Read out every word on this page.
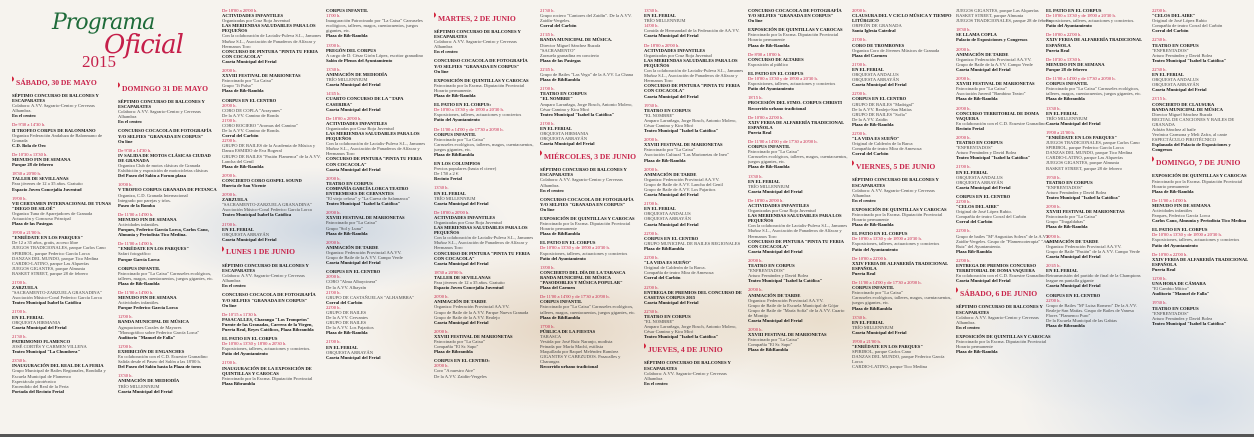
Programa
Oficial
2015
SÁBADO, 30 DE MAYO
SÉPTIMO CONCURSO DE BALCONES Y ESCAPARATES
Colabora: A.VV. Sagrario-Centro y Cervezas Alhambra.
En el centro
De 9'30 a 14'30 h.
II TROFEO CORPUS DE BALONMANO
Organiza Federación Andaluza de Balonmano de Granada
C.D. Bola de Oro
De 10'30 a 13'30 h.
MENUDO FIN DE SEMANA
Parque 28 de febrero
18'30 a 20'00 h.
TALLER DE SEVILLANAS
Para jóvenes de 12 a 35 años. Gratuito
Espacio Joven Concejalía Juventud
19'00 h.
VII CERTAMEN INTERNACIONAL DE TUNAS "DIEGO DE SILOÉ"
Organiza Tuna de Aparejadores de Granada
Actuación y Concurso Principal
Plaza de las Pasiegas
19'00 a 21'00 h.
"ENRÉDATE EN LOS PARQUES"
De 12 a 35 años, gratis, acceso libre
JUEGOS TRADICIONALES, parque Carlos Cano
SPIRIBOL, parque Federico García Lorca
DANZAS DEL MUNDO, parque Tico Medina
CARDIO-LATINO, parque Las Alquerías
JUEGOS GIGANTES, parque Almunia
BASKET STREET, parque 28 de febrero
21'00 h.
ZARZUELA
"SACRAMENTO-ZARZUELA GRANADINA"
Asociación Músico-Coral Federico García Lorca
Teatro Municipal Isabel la Católica
21'00 h.
EN EL FERIAL
ORQUESTA HIRMANIA
Caseta Municipal del Ferial
21'30 h.
PATRIMONIO FLAMENCO
JOSÉ CORTÉS Y CARMEN VILLENA
Teatro Municipal "La Chumbera"
23'30 h.
INAUGURACIÓN DEL REAL DE LA FERIA
Grupo Municipal de Bailes Regionales, Rondalla y Escuela Municipal de Flamenco
Espectáculo pirotécnico
Encendido del Real de la Feria
Portada del Recinto Ferial
DOMINGO 31 DE MAYO
SÉPTIMO CONCURSO DE BALCONES Y ESCAPARATES
Colabora: A.VV. Sagrario-Centro y Cervezas Alhambra
En el centro
CONCURSO COCACOLA DE FOTOGRAFÍA Y/O SELFIES "GRANADA EN CORPUS"
On line
De 9'30 a 14'30 h.
IV SALIDA DE MOTOS CLÁSICAS CIUDAD DE GRANADA
Organiza Club de motos clásicas de Granada
Exhibición y exposición de motocicletas clásicas
Del Paseo del Salón a Forum plaza
10'00 h.
V TROFEO CORPUS GRANADA DE PETANCA
Organiza, C.D. Granada Internacional
Integrado por parejas y tríos.
Paseo de la Bomba
De 11'00 a 14'00 h.
MENUDO FIN DE SEMANA
Actividades infantiles.
Parques, Federico García Lorca, Carlos Cano, Almunia y Periodista Tico Medina.
De 11'00 a 14'00 h.
"ENRÉDATE EN LOS PARQUES"
Safari fotográfico
Parque García Lorca
CORPUS INFANTIL
Patrocinado por "La Caixa" Carruseles ecológicos, talleres, magos, cuentacuentos, juegos gigantes, etc.
Plaza de Bib-Rambla
De 11'00 a 14'00 h.
MENUDO FIN DE SEMANA
Actividades infantiles.
Parque Federico García Lorca
12'00 h.
BANDA MUNICIPAL DE MÚSICA
Agrupaciones Corales de Mayores
"Monográfico sobre Federico García Lorca"
Auditorio "Manuel de Falla"
12'00 h.
EXHIBICIÓN DE ENGANCHES
En colaboración con el C.D. Ecuestre Granadino
Salida desde el Paseo del Salón a las 18'00 h.
Del Paseo del Salón hasta la Plaza de toros
13'30 h.
ANIMACIÓN DE MEDIODÍA
TRÍO MILLENNIUM
Caseta Municipal del Ferial
De 18'00 a 20'00 h.
ACTIVIDADES INFANTILES
Organizadas por Cruz Roja Juventud
LAS MERIENDAS SALUDABLES PARA LOS PEQUEÑOS
Con la colaboración de Lactalis-Puleva S.L., Jamones Muñoz S.L., Asociación de Panaderos de Alfacar y Hermanos Toro
CONCURSO DE PINTURA "PINTA TU FERIA CON COCACOLA"
Caseta Municipal del Ferial
20'00 h.
XXVIII FESTIVAL DE MARIONETAS
Patrocinado por "La Caixa"
Grupo "Ji Pulso"
Plaza de Bib-Rambla
CORPUS EN EL CENTRO
20'00 h.
CORO DE COPLA "Arrayanes"
De la A.VV. Camino de Ronda
21'00 h.
CORO ROCIERO "Aromas del Camino"
De la A.VV. Camino de Ronda.
Corral del Carbón
22'00 h.
GRUPO DE BAILES de la Academia de Música y Danza ESMIDO de Eva Bogeral
GRUPO DE BAILES "Pasión Flamenca" de la A.VV. Lancha del Genil
Plaza de Bib-Rambla
20'00 h.
CONCIERTO CORO GOSPEL SOUND
Huerta de San Vicente
20'00 h.
ZARZUELA
"SACRAMENTO-ZARZUELA GRANADINA"
Asociación Músico-Coral Federico García Lorca
Teatro Municipal Isabel la Católica
21'00 h.
EN EL FERIAL
ORQUESTA ARRAYÁN
Caseta Municipal del Ferial
LUNES 1 DE JUNIO
SÉPTIMO CONCURSO DE BALCONES Y ESCAPARATES
Colabora: A.VV. Sagrario-Centro y Cervezas Alhambra
En el centro
CONCURSO COCACOLA DE FOTOGRAFÍA Y/O SELFIES "GRANADA EN CORPUS"
On line
De 10'15 a 11'30 h.
PASACALLES, Charanga "Los Trompetos"
Fuente de las Granadas, Carrera de la Virgen, Puerta Real, Reyes Católicos, Plaza Bibrambla
EL PATIO EN EL CORPUS
De 10'00 a 13'30 y 18'00 a 20'30 h.
Exposiciones, talleres, actuaciones y conciertos.
Patio del Ayuntamiento
21'00 h.
INAUGURACIÓN DE LA EXPOSICIÓN DE QUINTILLAS Y CAROCAS
Patrocinado por la Excma. Diputación Provincial
Plaza Bibrambla
CORPUS INFANTIL
11'00 h.
Inauguración Patrocinado por "La Caixa" Carruseles ecológicos, talleres, magos, cuentacuentos, juegos gigantes, etc.
Plaza de Bib-Rambla
13'00 h.
PREGÓN DEL CORPUS
A cargo de D. César Girón López, escritor granadino
Salón de Plenos del Ayuntamiento
13'30 h.
ANIMACIÓN DE MEDIODÍA
TRÍO MILLENNIUM
Caseta Municipal del Ferial
14'45 h.
CUARTO CONCURSO DE LA "TAPA CASERIRA"
Caseta Municipal del Ferial
De 18'00 a 20'00 h.
ACTIVIDADES INFANTILES
Organizadas por Cruz Roja Juventud
LAS MERIENDAS SALUDABLES PARA LOS PEQUEÑOS
Con la colaboración de Lactalis-Puleva S.L., Jamones Muñoz S.L., Asociación de Panaderos de Alfacar y Hermanos Toro
CONCURSO DE PINTURA "PINTA TU FERIA CON COCACOLA"
Caseta Municipal del Ferial
20'00 h.
TEATRO EN CORPUS
COMPAÑÍA GARCÍA LORCA TEATRO
ENTREMESES DE CERVANTES
"El viejo celoso" y "La Cueva de Salamanca"
Teatro Municipal "Isabel la Católica"
20'00 h.
XXVIII FESTIVAL DE MARIONETAS
Patrocinado por "La Caixa"
Grupo "Sol y Luna"
Plaza de Bib-Rambla
20'00 h.
ANIMACIÓN DE TARDE
Organiza: Federación Provincial AA.VV.
Grupo de Baile de la A.VV. Campo Verde
Caseta Municipal del Ferial
CORPUS EN EL CENTRO
20'00 h.
CORO "Alma Albaycinera"
De la A.VV. Albayzín
21'00 h.
GRUPO DE CASTAÑUELAS "ALHAMBRA"
Corral del Carbón
22'00 h.
GRUPO DE BAILES
De la A.VV. Cervantes
GRUPO DE BAILES
De la A.VV. Los Pajaritos
Plaza de Bib-Rambla
21'00 h.
EN EL FERIAL
ORQUESTA ARRAYÁN
Caseta Municipal del Ferial
MARTES, 2 DE JUNIO
SÉPTIMO CONCURSO DE BALCONES Y ESCAPARATES
Colabora: A.VV. Sagrario-Centro y Cervezas Alhambra
En el centro
CONCURSO COCACOLA DE FOTOGRAFÍA Y/O SELFIES "GRANADA EN CORPUS"
On line
EXPOSICIÓN DE QUINTILLAS Y CAROCAS
Patrocinado por la Excma. Diputación Provincial
Horario permanente.
Plaza de Bib-Rambla
EL PATIO EN EL CORPUS:
De 10'00 a 13'30 y de 18'00 a 20'30 h.
Exposiciones, talleres, actuaciones y conciertos
Patio del Ayuntamiento
De 11'00 a 14'00 y de 17'30 a 20'00 h.
CORPUS INFANTIL
Patrocinado por "La Caixa"
Carruseles ecológicos, talleres, magos, cuentacuentos, juegos gigantes, etc.
Plaza de BibRambla
EN LOS COLUMPIOS
Precios populares (hasta el cierre)
De 1'50 a 2 €
Recinto Ferial
13'30 h.
EN EL FERIAL
TRÍO MILLENNIUM
Caseta Municipal del Ferial
De 18'00 a 20'00 h.
ACTIVIDADES INFANTILES
Organizadas por Cruz Roja Juventud
LAS MERIENDAS SALUDABLES PARA LOS PEQUEÑOS
Con la colaboración de Lactalis-Puleva S.L., Jamones Muñoz S.L., Asociación de Panaderos de Alfacar y Hermanos Toro
CONCURSO DE PINTURA "PINTA TU FERIA CON COCACOLA"
Caseta Municipal del Ferial
18'30 a 20'00 h.
TALLER DE SEVILLANAS
Para jóvenes de 12 a 35 años. Gratuito
Espacio Joven Concejalía Juventud
20'00 h.
ANIMACIÓN DE TARDE
Organiza: Federación Provincial AA.VV.
Grupo de Baile de la A.VV. Parque Nueva Granada
Grupo de Baile de la A.VV. Realejo
Caseta Municipal del Ferial
20'00 h.
XXVIII FESTIVAL DE MARIONETAS
Patrocinado por "La Caixa"
Compañía "El Sr. Sapo"
Plaza de Bibrambla
CORPUS EN EL CENTRO:
20'00 h.
Coro "A nuestro Aire"
De la A.VV. Zaidín-Vergeles
21'30 h.
Grupo rociero "Cantores del Zaidín". De la A.VV. Zaidín-Vergeles.
Corral del Carbón
21'45 h.
BANDA MUNICIPAL DE MÚSICA.
Director Miguel Sánchez Ruzafa
"SACRAMENTO"
Zarzuela granadina en concierto
Plaza de las Pasiegas
22'45 h.
Grupo de Bailes "Las Vega" de la A.VV. La Chana
Plaza de BibRambla
21'00 h.
TEATRO EN CORPUS
"EL NOMBRE"
Amparo Larrañaga, Jorge Bosch, Antonio Molero, César Camino y Kira Miró
Teatro Municipal "Isabel la Católica"
21'00 h.
EN EL FERIAL
ORQUESTA HIRMANIA
ORQUESTA ARRAYÁN
Caseta Municipal del Ferial
MIÉRCOLES, 3 DE JUNIO
SÉPTIMO CONCURSO DE BALCONES Y ESCAPARATES
Colabora: A.VV. Sagrario-Centro y Cervezas Alhambra.
En el centro
CONCURSO COCACOLA DE FOTOGRAFÍA Y/O SELFIES "GRANADA EN CORPUS"
On line
EXPOSICIÓN DE QUINTILLAS Y CAROCAS
Patrocinado por la Excma. Diputación Provincial
Horario permanente
Plaza de BibRambla
EL PATIO EN EL CORPUS
De 10'00 a 13'30 y de 18'00 a 20'30 h.
Exposiciones, talleres, actuaciones y conciertos
Patio del Ayuntamiento
13'00 h.
CONCIERTO DEL DÍA DE LA TARASCA
BANDA MUNICIPAL DE MÚSICA
"PASODOBLES Y MÚSICA POPULAR"
Plaza del Carmen
De 11'00 a 14'00 y de 17'30 a 20'00 h.
CORPUS INFANTIL
Patrocinado por "La Caixa" Carruseles ecológicos, talleres, magos, cuentacuentos, juegos gigantes, etc.
Plaza de BibRambla
17'00 h.
PÚBLICA DE LA FIESTAS
TARASCA
Vestida por José Ruiz Naranjo, modista
Peinada por María Machí, estilista
Maquillada por Raquel Meléndez Ramírez
GIGANTES Y CABEZUDOS. Pasacalles y Charangas
Recorrido urbano tradicional
13'30 h.
EN EL FERIAL
TRÍO MILLENNIUM
14'00 h.
Comida de Hermandad de la Federación de AA.VV.
Caseta Municipal del Ferial
De 18'00 a 20'00 h.
ACTIVIDADES INFANTILES
Organizadas por Cruz Roja Juventud
LAS MERIENDAS SALUDABLES PARA LOS PEQUEÑOS
Con la colaboración de Lactalis-Puleva S.L., Jamones Muñoz S.L., Asociación de Panaderos de Alfacar y Hermanos Toro
CONCURSO DE PINTURA "PINTA TU FERIA CON COCACOLA"
Caseta Municipal del Ferial
19'30 h.
TEATRO EN CORPUS
"EL NOMBRE"
Amparo Larrañaga, Jorge Bosch, Antonio Molero, César Camino y Kira Miró
Teatro Municipal "Isabel la Católica"
20'00 h.
XXVIII FESTIVAL DE MARIONETAS
Patrocinado por "La Caixa"
Asociación Cultural "Las Marionetas de Ineo"
Plaza de Bib-Rambla
20'00 h.
ANIMACIÓN DE TARDE
Organiza: Federación Provincial AA.VV.
Grupo de Baile de A.VV. Lancha del Genil
Grupo de Baile de A.VV. Los Pajaritos
Caseta Municipal del Ferial
21'00 h.
EN EL FERIAL
ORQUESTA ANDALUS
ORQUESTA ARRAYÁN
Caseta Municipal del Ferial
22'00 h.
CORPUS EN EL CENTRO
GRUPO MUNICIPAL DE BAILES REGIONALES
Plaza de BibRambla
22'00 h.
"LA VIDA ES SUEÑO"
Original de Calderón de la Barca.
Compañía de teatro Mira de Amescua
Corral del Carbón
22'00 h.
ENTREGA DE PREMIOS DEL CONCURSO DE CASETAS CORPUS 2015
Caseta Municipal del Ferial
22'30 h.
TEATRO EN CORPUS
"EL NOMBRE"
Amparo Larrañaga, Jorge Bosch, Antonio Molero, César Camino y Kira Miró
Teatro Municipal "Isabel la Católica"
JUEVES, 4 DE JUNIO
SÉPTIMO CONCURSO DE BALCONES Y ESCAPARATES
Colabora: A.VV. Sagrario-Centro y Cervezas Alhambra
En el centro
CONCURSO COCACOLA DE FOTOGRAFÍA Y/O SELFIES "GRANADA EN CORPUS"
On line
EXPOSICIÓN DE QUINTILLAS Y CAROCAS
Patrocinado por la Excma. Diputación Provincial
Horario permanente
Plaza de Bib-Rambla
De 8'00 a 18'00 h.
CONCURSO DE ALTARES
Exposición al público
EL PATIO EN EL CORPUS
De 10'00 a 13'30 y de 18'00 a 20'30 h.
Exposiciones, talleres, actuaciones y conciertos
Patio del Ayuntamiento
18'15 h.
PROCESIÓN DEL STMO. CORPUS CHRISTI
Recorrido urbano tradicional
De 10'00 a 22'00 h.
XXIV FERIA DE ALFARERÍA TRADICIONAL ESPAÑOLA
Puerta Real
De 11'00 a 14'00 y de 17'30 a 20'00 h.
CORPUS INFANTIL
Patrocinado por "La Caixa"
Carruseles ecológicos, talleres, magos, cuentacuentos, juegos gigantes, etc.
Plaza de Bib-Rambla
13'30 h.
EN EL FERIAL
TRÍO MILLENNIUM
Caseta Municipal del Ferial
De 18'00 a 20'00 h.
ACTIVIDADES INFANTILES
Organizadas por Cruz Roja Juventud
LAS MERIENDAS SALUDABLES PARA LOS PEQUEÑOS
Con la colaboración de Lactalis-Puleva S.L., Jamones Muñoz S.L., Asociación de Panaderos de Alfacar y Hermanos Toro
CONCURSO DE PINTURA "PINTA TU FERIA CON COCACOLA"
Caseta Municipal del Ferial
20'00 h.
TEATRO EN CORPUS
"ENFRENTADOS"
Arturo Fernández y David Bolea
Teatro Municipal "Isabel la Católica"
20'00 h.
ANIMACIÓN DE TARDE
Organiza: Federación Provincial AA.VV.
Grupo de Baile de la Escuela Municipal de Gójar
Grupo de Baile de "María Sofía" de la A.VV. Cuarto de Montijo
Caseta Municipal del Ferial
20'00 h.
XXVIII FESTIVAL DE MARIONETAS
Patrocinado por "La Caixa"
Compañía "El Sr. Sapo"
Plaza de BibRambla
20'00 h.
CLAUSURA DEL V CICLO MÚSICA Y TIEMPO LITÚRGICO
ORFEÓN DE GRANADA
Santa Iglesia Catedral
21'00 h.
CORO DE TROMBONES
Organiza Coro de Jóvenes Músicos de Granada
Plaza del Carmen
21'00 h.
EN EL FERIAL
ORQUESTA ANDALUS
ORQUESTA ARRAYÁN
Caseta Municipal del Ferial
22'00 h.
CORPUS EN EL CENTRO
GRUPO DE BAILES "Madrigal"
De la A.VV. Realejo-San Matías
GRUPO DE BAILES "Sofía"
De la A.VV. Zaidín
Plaza de Bib-Rambla
22'00 h.
"LA VIDA ES SUEÑO"
Original de Calderón de la Barca
Compañía de teatro Mira de Amescua
Corral del Carbón
VIERNES, 5 DE JUNIO
SÉPTIMO CONCURSO DE BALCONES Y ESCAPARATES
Colabora: A.VV. Sagrario-Centro y Cervezas Alhambra
En el centro
EXPOSICIÓN DE QUINTILLAS Y CAROCAS
Patrocinado por la Excma. Diputación Provincial
Horario permanente
Plaza de Bib-Rambla
EL PATIO EN EL CORPUS
De 10'00 a 13'30 y de 18'00 a 20'30 h.
Exposiciones, talleres, actuaciones y conciertos
Patio del Ayuntamiento
De 10'00 a 22'00 h.
XXIV FERIA DE ALFARERÍA TRADICIONAL ESPAÑOLA
Puerta Real
De 11'00 a 14'00 y de 17'30 a 20'00 h.
CORPUS INFANTIL
Patrocinado por "La Caixa"
Carruseles ecológicos, talleres, magos, cuentacuentos, juegos gigantes, etc.
Plaza de BibRambla
13'30 h.
EN EL FERIAL
TRÍO MILLENNIUM
Caseta Municipal del Ferial
19'00 a 21'00 h.
"ENRÉDATE EN LOS PARQUES"
SPIRIBOL, parque Carlos Cano
DANZAS DEL MUNDO, parque Federico García Lorca
CARDIO-LATINO, parque Tico Medina
JUEGOS GIGANTES, parque Las Alquerías
BASKET STREET, parque Almunia
JUEGOS TRADICIONALES, parque 28 de febrero
18'30 h.
SE LLAMA COPLA
Palacio de Exposiciones y Congresos
20'00 h.
ANIMACIÓN DE TARDE
Organiza: Federación Provincial AA.VV.
Grupo de Baile de la A.VV. Campo Verde
Caseta Municipal del Ferial
20'00 h.
XXVIII FESTIVAL DE MARIONETAS
Patrocinado por "La Caixa"
Asociación Juvenil "Bambino Teatro"
Plaza de Bib-Rambla
20'00 h.
CONCURSO TERRITORIAL DE DOMA VAQUERA
En colaboración con el C.D. Ecuestre Granadino
Recinto Ferial
20'00 h.
TEATRO EN CORPUS
"ENFRENTADOS"
Arturo Fernández y David Bolea
Teatro Municipal "Isabel la Católica"
21'00 h.
EN EL FERIAL
ORQUESTA ANDALUS
ORQUESTA ARRAYÁN
Caseta Municipal del Ferial
CORPUS EN EL CENTRO
22'00 h.
"CELOS DEL AIRE"
Original de José López Rubio.
Compañía de teatro Corral del Carbón
Corral del Carbón
22'00 h.
Grupo de bailes "Mª Angustias Solera" de la A.VV. Zaidín-Vergeles. Grupo de "Flamencoterapia" "Ana Ruiz" del Ayuntamiento.
Plaza Bib-Rambla
22'00 h.
ENTREGA DE PREMIOS CONCURSO TERRITORIAL DE DOMA VAQUERA
En colaboración con el C.D. Ecuestre Granadino
Caseta Municipal del Ferial
SÁBADO, 6 DE JUNIO
SÉPTIMO CONCURSO DE BALCONES Y ESCAPARATES
Colabora: A.VV. Sagrario-Centro y Cervezas Alhambra.
En el centro
EXPOSICIÓN DE QUINTILLAS Y CAROCAS
Patrocinado por la Excma. Diputación Provincial
Horario permanente
Plaza de Bib-Rambla
EL PATIO EN EL CORPUS
De 10'00 a 13'30 y de 18'00 a 20'30 h.
Exposiciones, talleres, actuaciones y conciertos.
Patio del Ayuntamiento
De 10'00 a 22'00 h.
XXIV FERIA DE ALFARERÍA TRADICIONAL ESPAÑOLA
Puerta Real
De 10'30 a 13'30 h.
MENUDO FIN DE SEMANA
Parque 28 de febrero
De 11'00 a 14'00 y de 17'30 a 20'00 h.
CORPUS INFANTIL
Patrocinado por "La Caixa" Carruseles ecológicos, talleres, magos, cuentacuentos, juegos gigantes, etc.
Plaza de Bibrambla
13'30 h.
EN EL FERIAL
TRÍO MILLENNIUM
Caseta Municipal del Ferial
19'00 a 21'00 h.
"ENRÉDATE EN LOS PARQUES"
JUEGOS TRADICIONALES, parque Carlos Cano
SPIRIBOL, parque Federico García Lorca
DANZAS DEL MUNDO, parque Tico Medina
CARDIO-LATINO, parque Las Alquerías
JUEGOS GIGANTES, parque Almunia
BASKET STREET, parque 28 de febrero
19'30 h.
TEATRO EN CORPUS
"ENFRENTADOS"
Arturo Fernández y David Bolea
Teatro Municipal "Isabel la Católica"
20'00 h.
XXVIII FESTIVAL DE MARIONETAS
Patrocinado por "La Caixa"
Grupo "Tragaldabas"
Plaza de Bib-Rambla
20'00 h.
ANIMACIÓN DE TARDE
Organiza: Federación Provincial AA.VV.
Grupo de Baile "Pasión" de la A.VV. Campo Verde
Caseta Municipal del Ferial
20'45 h.
EN EL FERIAL
Retransmisión del partido de final de la Champions league en pantalla gigante
Caseta Municipal del Ferial
CORPUS EN EL CENTRO
22'00 h.
Grupo de Bailes "Mª Luisa Romero" De la A.VV. Realejo-San Matías. Grupo de Bailes de Vanesa Flores "Flamenco Puro"
De la Escuela Municipal de las Gabias
Plaza de Bibrambla
22'00 h.
"CELOS DEL AIRE"
Original de José López Rubio
Compañía de teatro Corral del Carbón
Corral del Carbón
22'30 h.
TEATRO EN CORPUS
"ENFRENTADOS"
Arturo Fernández y David Bolea
Teatro Municipal "Isabel la Católica"
22'30 h.
EN EL FERIAL
ORQUESTA ANDALUS
ORQUESTA ARRAYÁN
Caseta Municipal del Ferial
23'15 h.
CONCIERTO DE CLAUSURA
BANDA MUNICIPAL DE MÚSICA
Director Miguel Sánchez Ruzafa
RECITAL DE CANCIONES Y BAILES DE GRANADA
Adrián Sánchez al baile
Verónica Carmona y Meli Zafra, al cante
ESPECTÁCULO PIROTÉCNICO
Esplanada del Palacio de Exposiciones y Congresos
DOMINGO, 7 DE JUNIO
EXPOSICIÓN DE QUINTILLAS Y CAROCAS
Patrocinado por la Excma. Diputación Provincial
Horario permanente
Plaza de Bib-Rambla
De 11'00 a 14'00 h.
MENUDO FIN DE SEMANA
Actividades infantiles
Parques, Federico García Lorca
Carlos Cano, Almunia y Periodista Tico Medina
EL PATIO EN EL CORPUS
De 10'00 a 13'30 y de 18'00 a 20'30 h.
Exposiciones, talleres, actuaciones y conciertos
Patio del Ayuntamiento
De 10'00 a 22'00 h.
XXIV FERIA DE ALFARERÍA TRADICIONAL ESPAÑOLA
Puerta Real
12'00 h.
UNA HORA DE CÁMARA
"El Cambio Mítico"
Auditorio "Manuel de Falla"
19'30 h.
TEATRO EN CORPUS
"ENFRENTADOS"
Arturo Fernández y David Bolea
Teatro Municipal "Isabel la Católica"
